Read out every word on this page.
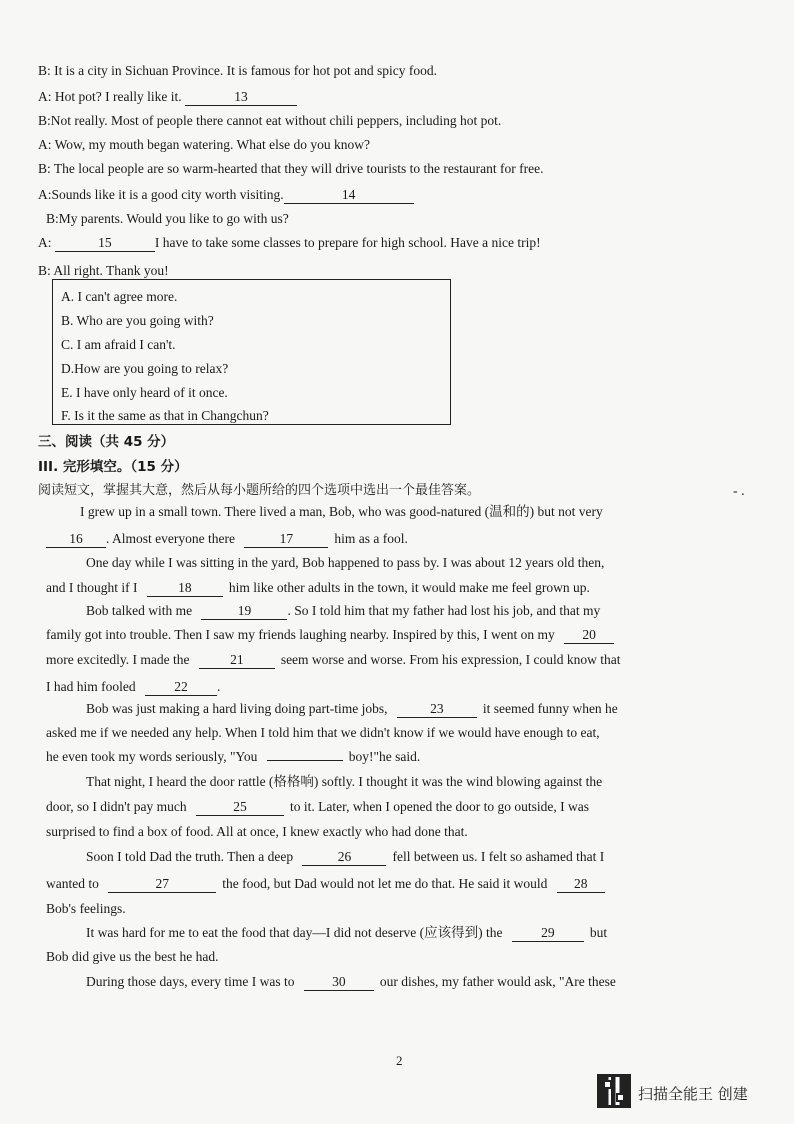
B: It is a city in Sichuan Province. It is famous for hot pot and spicy food.
A: Hot pot? I really like it.	13
B:Not really. Most of people there cannot eat without chili peppers, including hot pot.
A: Wow, my mouth began watering. What else do you know?
B: The local people are so warm-hearted that they will drive tourists to the restaurant for free.
A:Sounds like it is a good city worth visiting.	14
B:My parents. Would you like to go with us?
A:	15	I have to take some classes to prepare for high school. Have a nice trip!
B: All right. Thank you!
A. I can't agree more.
B. Who are you going with?
C. I am afraid I can't.
D.How are you going to relax?
E. I have only heard of it once.
F. Is it the same as that in Changchun?
三、阅读（共 45 分）
III. 完形填空。（15 分）
阅读短文，掌握其大意，然后从每小题所给的四个选项中选出一个最佳答案。	- .
I grew up in a small town. There lived a man, Bob, who was good-natured (温和的) but not very
16 . Almost everyone there	17	him as a fool.
One day while I was sitting in the yard, Bob happened to pass by. I was about 12 years old then,
and I thought if I	18	him like other adults in the town, it would make me feel grown up.
Bob talked with me	19	. So I told him that my father had lost his job, and that my
family got into trouble. Then I saw my friends laughing nearby. Inspired by this, I went on my 20
more excitedly. I made the	21	seem worse and worse. From his expression, I could know that
I had him fooled	22 .
Bob was just making a hard living doing part-time jobs,	23	it seemed funny when he
asked me if we needed any help. When I told him that we didn't know if we would have enough to eat,
he even took my words seriously, "You	boy!"he said.
That night, I heard the door rattle (格格响) softly. I thought it was the wind blowing against the
door, so I didn't pay much	25	to it. Later, when I opened the door to go outside, I was
surprised to find a box of food. All at once, I knew exactly who had done that.
Soon I told Dad the truth. Then a deep	26	fell between us. I felt so ashamed that I
wanted to	27	the food, but Dad would not let me do that. He said it would 28
Bob's feelings.
It was hard for me to eat the food that day—I did not deserve (应该得到) the	29	but
Bob did give us the best he had.
During those days, every time I was to	30	our dishes, my father would ask, "Are these
2
扫描全能王 创建
